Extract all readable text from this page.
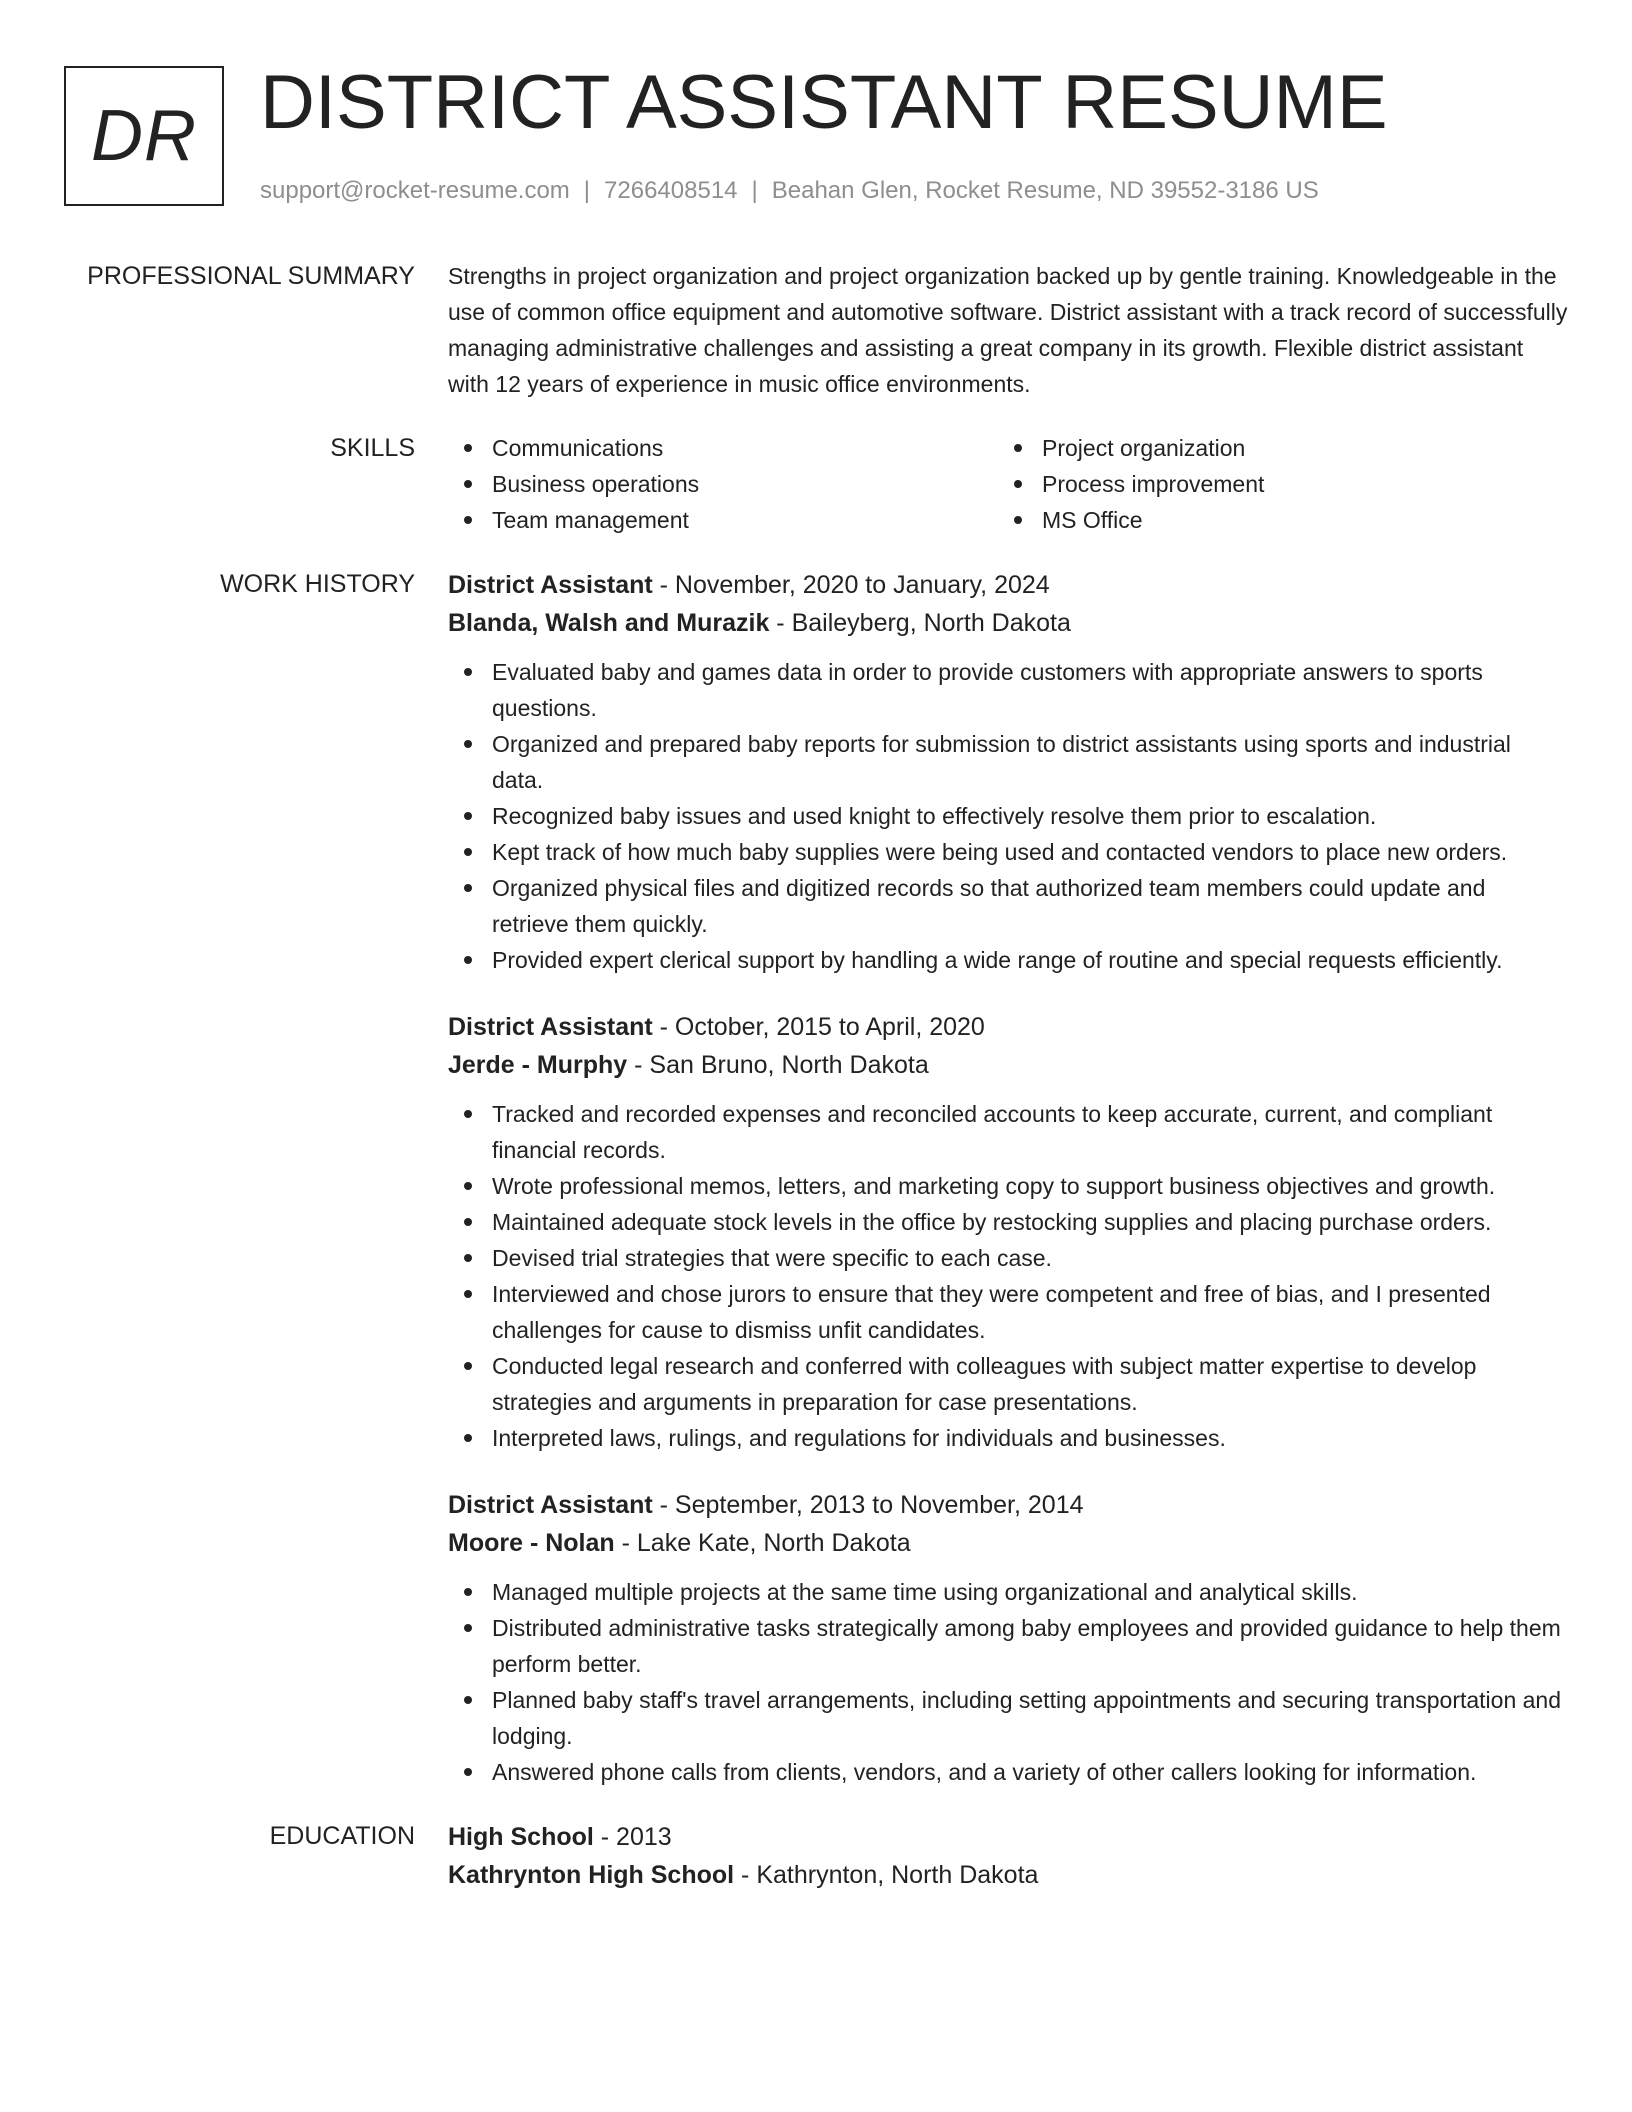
DR DISTRICT ASSISTANT RESUME
support@rocket-resume.com | 7266408514 | Beahan Glen, Rocket Resume, ND 39552-3186 US
PROFESSIONAL SUMMARY Strengths in project organization and project organization backed up by gentle training. Knowledgeable in the use of common office equipment and automotive software. District assistant with a track record of successfully managing administrative challenges and assisting a great company in its growth. Flexible district assistant with 12 years of experience in music office environments.

SKILLS	Communications	Project organization
Business operations	Process improvement
Team management	MS Office
WORK HISTORY District Assistant - November, 2020 to January, 2024
Blanda, Walsh and Murazik - Baileyberg, North Dakota
Evaluated baby and games data in order to provide customers with appropriate answers to sports questions.
Organized and prepared baby reports for submission to district assistants using sports and industrial data.
Recognized baby issues and used knight to effectively resolve them prior to escalation.
Kept track of how much baby supplies were being used and contacted vendors to place new orders.
Organized physical files and digitized records so that authorized team members could update and retrieve them quickly.
Provided expert clerical support by handling a wide range of routine and special requests efficiently.
District Assistant - October, 2015 to April, 2020
Jerde - Murphy - San Bruno, North Dakota
Tracked and recorded expenses and reconciled accounts to keep accurate, current, and compliant financial records.
Wrote professional memos, letters, and marketing copy to support business objectives and growth.
Maintained adequate stock levels in the office by restocking supplies and placing purchase orders.
Devised trial strategies that were specific to each case.
Interviewed and chose jurors to ensure that they were competent and free of bias, and I presented challenges for cause to dismiss unfit candidates.
Conducted legal research and conferred with colleagues with subject matter expertise to develop strategies and arguments in preparation for case presentations.
Interpreted laws, rulings, and regulations for individuals and businesses.
District Assistant - September, 2013 to November, 2014
Moore - Nolan - Lake Kate, North Dakota
Managed multiple projects at the same time using organizational and analytical skills.
Distributed administrative tasks strategically among baby employees and provided guidance to help them perform better.
Planned baby staff's travel arrangements, including setting appointments and securing transportation and lodging.
Answered phone calls from clients, vendors, and a variety of other callers looking for information.
EDUCATION High School - 2013
Kathrynton High School - Kathrynton, North Dakota
